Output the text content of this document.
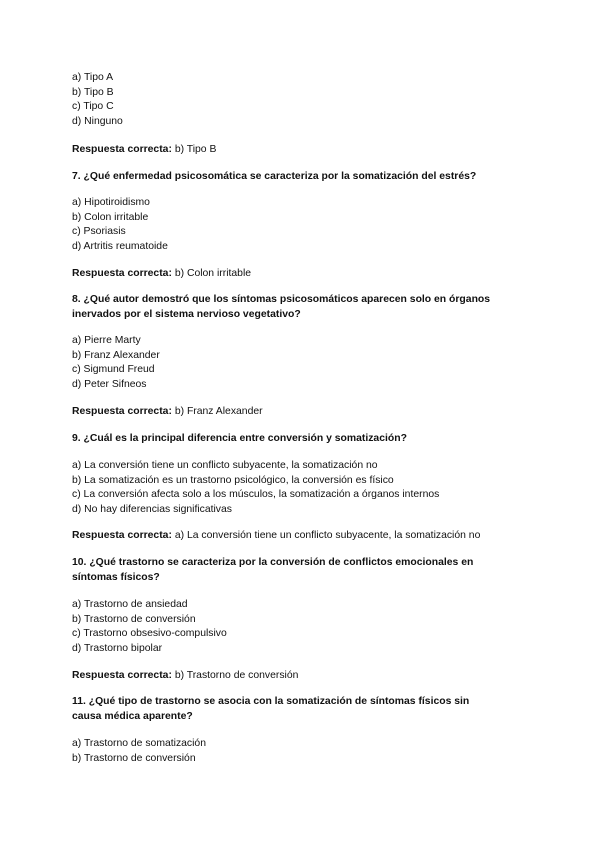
a) Tipo A
b) Tipo B
c) Tipo C
d) Ninguno
Respuesta correcta: b) Tipo B
7. ¿Qué enfermedad psicosomática se caracteriza por la somatización del estrés?
a) Hipotiroidismo
b) Colon irritable
c) Psoriasis
d) Artritis reumatoide
Respuesta correcta: b) Colon irritable
8. ¿Qué autor demostró que los síntomas psicosomáticos aparecen solo en órganos
inervados por el sistema nervioso vegetativo?
a) Pierre Marty
b) Franz Alexander
c) Sigmund Freud
d) Peter Sifneos
Respuesta correcta: b) Franz Alexander
9. ¿Cuál es la principal diferencia entre conversión y somatización?
a) La conversión tiene un conflicto subyacente, la somatización no
b) La somatización es un trastorno psicológico, la conversión es físico
c) La conversión afecta solo a los músculos, la somatización a órganos internos
d) No hay diferencias significativas
Respuesta correcta: a) La conversión tiene un conflicto subyacente, la somatización no
10. ¿Qué trastorno se caracteriza por la conversión de conflictos emocionales en
síntomas físicos?
a) Trastorno de ansiedad
b) Trastorno de conversión
c) Trastorno obsesivo-compulsivo
d) Trastorno bipolar
Respuesta correcta: b) Trastorno de conversión
11. ¿Qué tipo de trastorno se asocia con la somatización de síntomas físicos sin
causa médica aparente?
a) Trastorno de somatización
b) Trastorno de conversión
